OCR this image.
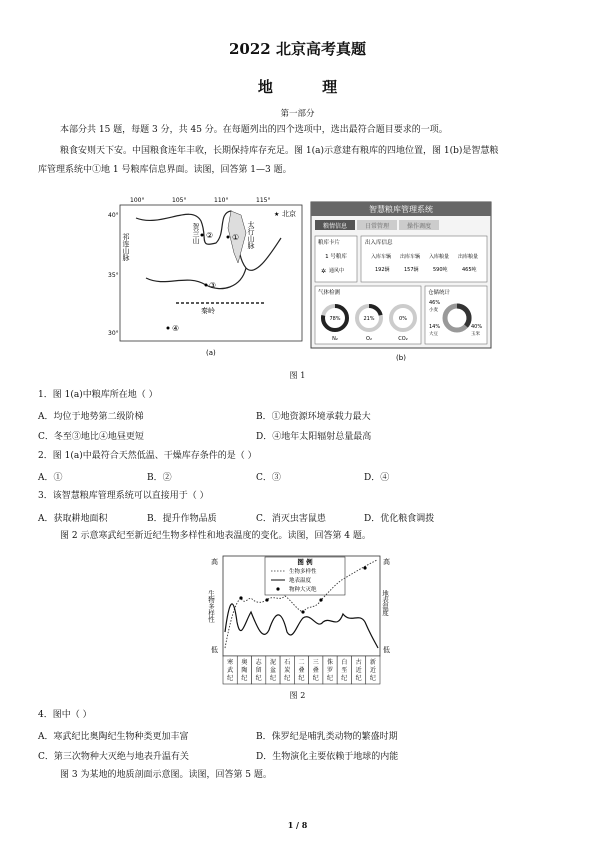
2022 北京高考真题
地 理
第一部分

本部分共 15 题，每题 3 分，共 45 分。在每题列出的四个选项中，选出最符合题目要求的一项。

粮食安则天下安。中国粮食连年丰收，长期保持库存充足。图 1(a)示意建有粮库的四地位置，图 1(b)是智慧粮

库管理系统中①地 1 号粮库信息界面。读图，回答第 1—3 题。

100°	105°	110°	115°
40°
35°
30°
祁连山脉	贺兰山	太行山脉
秦岭
★ 北京
①
②
③
④
(a)
智慧粮库管理系统
粮情信息	日常管理	操作调度
粮库卡片
1 号粮库
✲ 通风中
出入库信息
入库车辆 出库车辆 入库粮量 出库粮量
192辆	157辆	590吨	465吨
气体检测
78%
N₂
21%
O₂
0%
CO₂
仓储统计
46%
小麦
14%
大豆
40%
玉米
(b)
图 1

1．图 1(a)中粮库所在地（ ）

A．均位于地势第二级阶梯	B．①地资源环境承载力最大
C．冬至③地比④地昼更短	D．④地年太阳辐射总量最高

2．图 1(a)中最符合天然低温、干燥库存条件的是（ ）

A．①	B．②	C．③	D．④

3．该智慧粮库管理系统可以直接用于（ ）

A．获取耕地面积	B．提升作物品质	C．消灭虫害鼠患	D．优化粮食调拨

图 2 示意寒武纪至新近纪生物多样性和地表温度的变化。读图，回答第 4 题。

高	高
低	低
生物多样性	地表温度
图 例
生物多样性
地表温度
物种大灭绝
寒
武
纪
奥
陶
纪
志
留
纪
泥
盆
纪
石
炭
纪
二
叠
纪
三
叠
纪
侏
罗
纪
白
垩
纪
古
近
纪
新
近
纪
图 2

4．图中（ ）

A．寒武纪比奥陶纪生物种类更加丰富	B．侏罗纪是哺乳类动物的繁盛时期
C．第三次物种大灭绝与地表升温有关	D．生物演化主要依赖于地球的内能

图 3 为某地的地质剖面示意图。读图，回答第 5 题。

1 / 8
